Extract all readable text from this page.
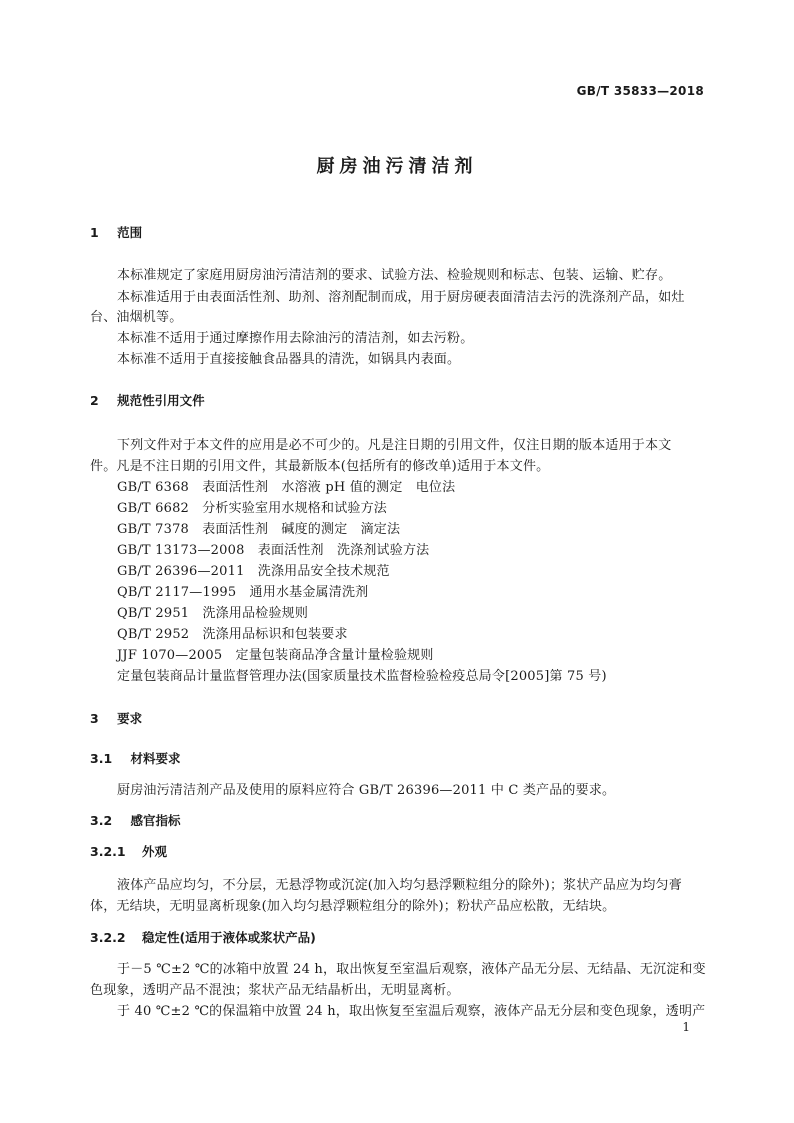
GB/T 35833—2018
厨房油污清洁剂
1 范围
本标准规定了家庭用厨房油污清洁剂的要求、试验方法、检验规则和标志、包装、运输、贮存。
本标准适用于由表面活性剂、助剂、溶剂配制而成，用于厨房硬表面清洁去污的洗涤剂产品，如灶
台、油烟机等。
本标准不适用于通过摩擦作用去除油污的清洁剂，如去污粉。
本标准不适用于直接接触食品器具的清洗，如锅具内表面。
2 规范性引用文件
下列文件对于本文件的应用是必不可少的。凡是注日期的引用文件，仅注日期的版本适用于本文
件。凡是不注日期的引用文件，其最新版本(包括所有的修改单)适用于本文件。
GB/T 6368　表面活性剂　水溶液 pH 值的测定　电位法
GB/T 6682　分析实验室用水规格和试验方法
GB/T 7378　表面活性剂　碱度的测定　滴定法
GB/T 13173—2008　表面活性剂　洗涤剂试验方法
GB/T 26396—2011　洗涤用品安全技术规范
QB/T 2117—1995　通用水基金属清洗剂
QB/T 2951　洗涤用品检验规则
QB/T 2952　洗涤用品标识和包装要求
JJF 1070—2005　定量包装商品净含量计量检验规则
定量包装商品计量监督管理办法(国家质量技术监督检验检疫总局令[2005]第 75 号)
3 要求
3.1 材料要求
厨房油污清洁剂产品及使用的原料应符合 GB/T 26396—2011 中 C 类产品的要求。
3.2 感官指标
3.2.1 外观
液体产品应均匀，不分层，无悬浮物或沉淀(加入均匀悬浮颗粒组分的除外)；浆状产品应为均匀膏
体，无结块，无明显离析现象(加入均匀悬浮颗粒组分的除外)；粉状产品应松散，无结块。
3.2.2 稳定性(适用于液体或浆状产品)
于－5 ℃±2 ℃的冰箱中放置 24 h，取出恢复至室温后观察，液体产品无分层、无结晶、无沉淀和变
色现象，透明产品不混浊；浆状产品无结晶析出，无明显离析。
于 40 ℃±2 ℃的保温箱中放置 24 h，取出恢复至室温后观察，液体产品无分层和变色现象，透明产
1
